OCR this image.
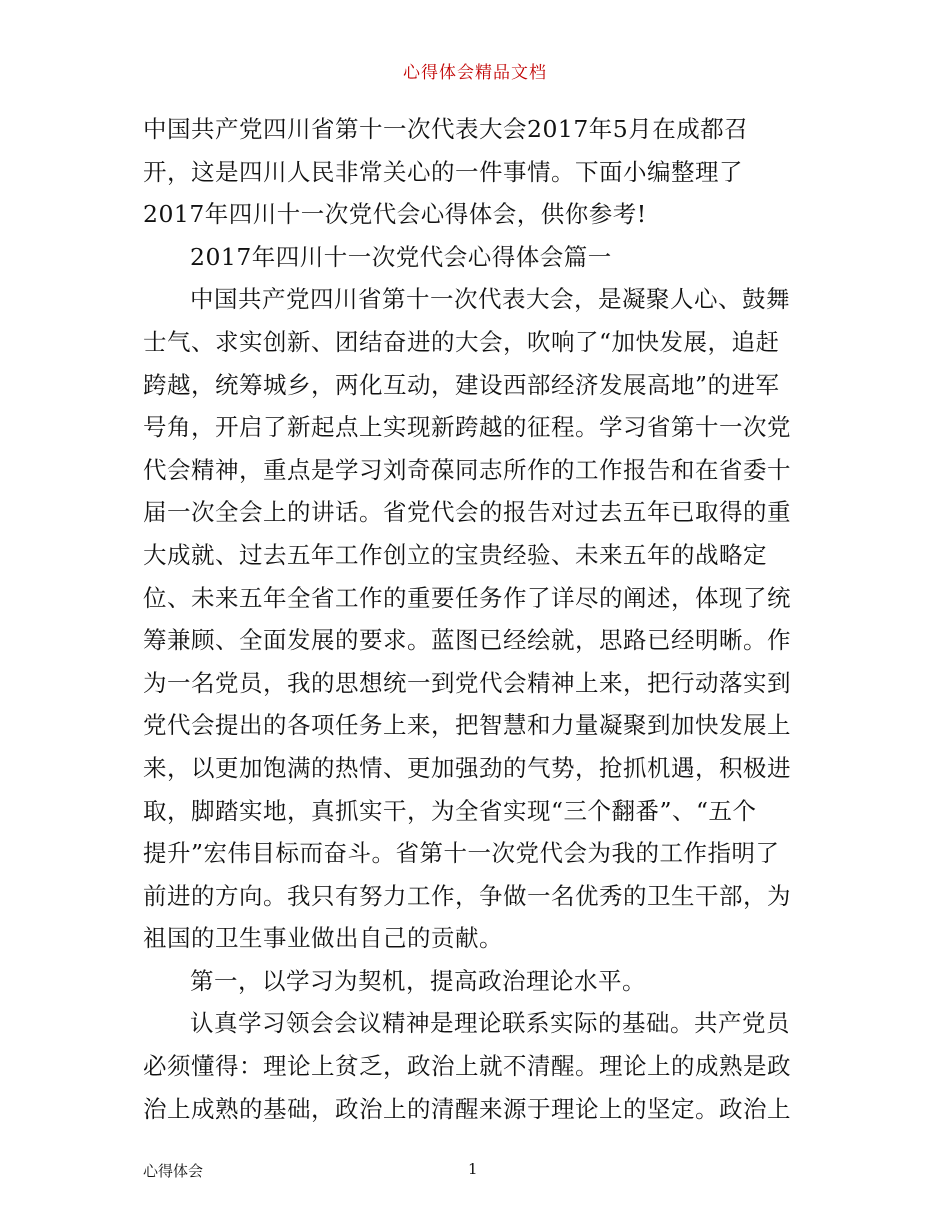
心得体会精品文档
中国共产党四川省第十一次代表大会2017年5月在成都召
开，这是四川人民非常关心的一件事情。下面小编整理了
2017年四川十一次党代会心得体会，供你参考!
2017年四川十一次党代会心得体会篇一
中国共产党四川省第十一次代表大会，是凝聚人心、鼓舞
士气、求实创新、团结奋进的大会，吹响了“加快发展，追赶
跨越，统筹城乡，两化互动，建设西部经济发展高地”的进军
号角，开启了新起点上实现新跨越的征程。学习省第十一次党
代会精神，重点是学习刘奇葆同志所作的工作报告和在省委十
届一次全会上的讲话。省党代会的报告对过去五年已取得的重
大成就、过去五年工作创立的宝贵经验、未来五年的战略定
位、未来五年全省工作的重要任务作了详尽的阐述，体现了统
筹兼顾、全面发展的要求。蓝图已经绘就，思路已经明晰。作
为一名党员，我的思想统一到党代会精神上来，把行动落实到
党代会提出的各项任务上来，把智慧和力量凝聚到加快发展上
来，以更加饱满的热情、更加强劲的气势，抢抓机遇，积极进
取，脚踏实地，真抓实干，为全省实现“三个翻番”、“五个
提升”宏伟目标而奋斗。省第十一次党代会为我的工作指明了
前进的方向。我只有努力工作，争做一名优秀的卫生干部，为
祖国的卫生事业做出自己的贡献。
第一，以学习为契机，提高政治理论水平。
认真学习领会会议精神是理论联系实际的基础。共产党员
必须懂得：理论上贫乏，政治上就不清醒。理论上的成熟是政
治上成熟的基础，政治上的清醒来源于理论上的坚定。政治上
心得体会	1
